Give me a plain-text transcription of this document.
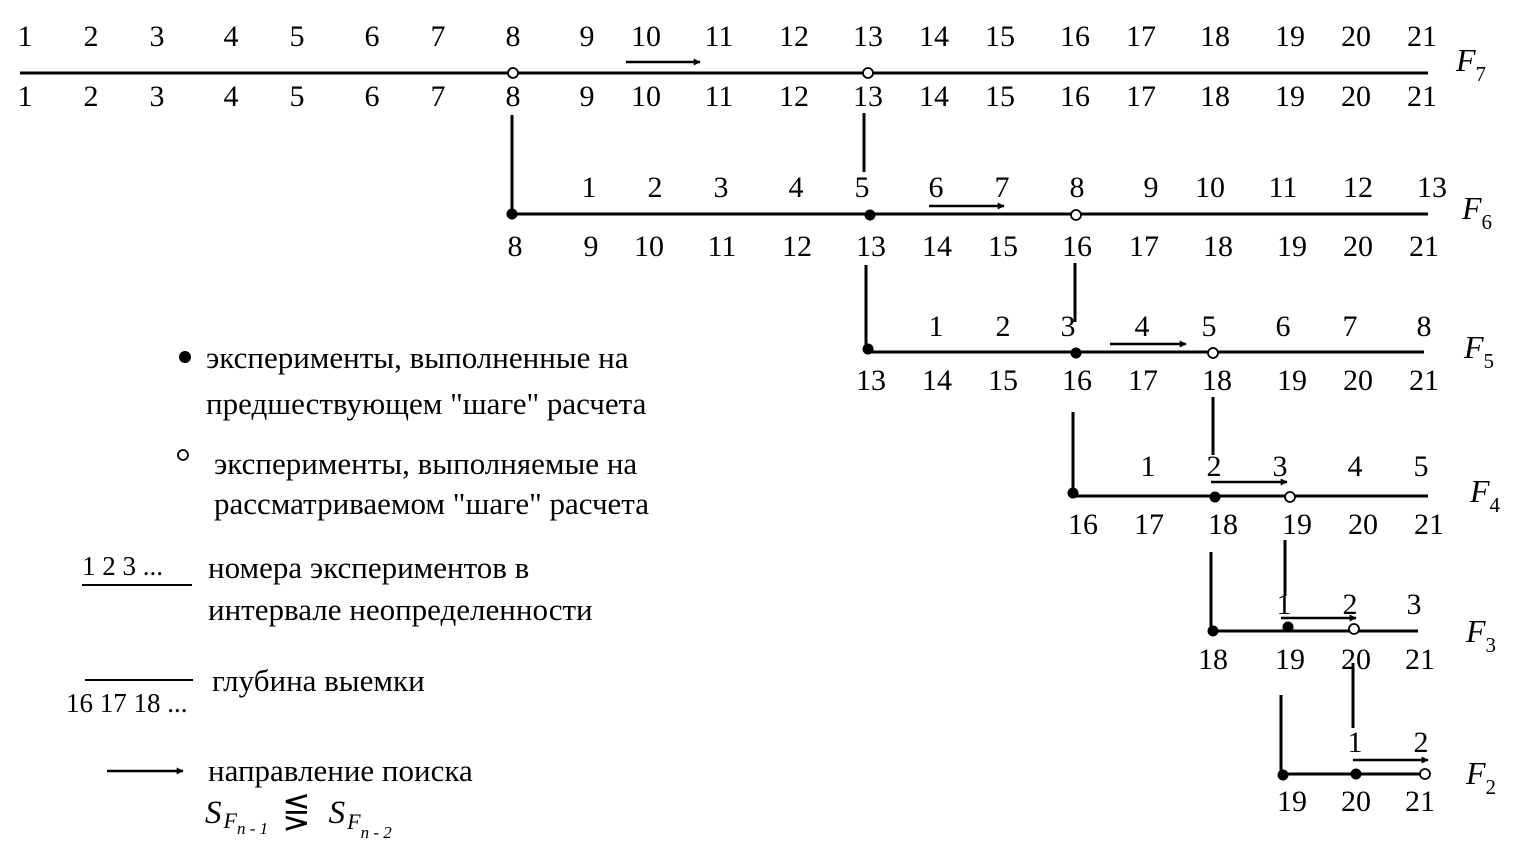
1 2 3 4 5 6 7 8 9 10 11 12 13 14 15 16 17 18 19 20 21
1 2 3 4 5 6 7 8 9 10 11 12 13 14 15 16 17 18 19 20 21
$F_7$
1 2 3 4 5 6 7 8 9 10 11 12 13
8 9 10 11 12 13 14 15 16 17 18 19 20 21
$F_6$
1 2 3 4 5 6 7 8
13 14 15 16 17 18 19 20 21
$F_5$
1 2 3 4 5
16 17 18 19 20 21
$F_4$
1 2 3
18 19 20 21
$F_3$
1 2
19 20 21
$F_2$
эксперименты, выполненные на
предшествующем "шаге" расчета
эксперименты, выполняемые на
рассматриваемом "шаге" расчета
1 2 3 ... номера экспериментов в
интервале неопределенности
16 17 18 ...
глубина выемки
направление поиска
SFn - 1 ⋚ $SF_{n - 2}$
